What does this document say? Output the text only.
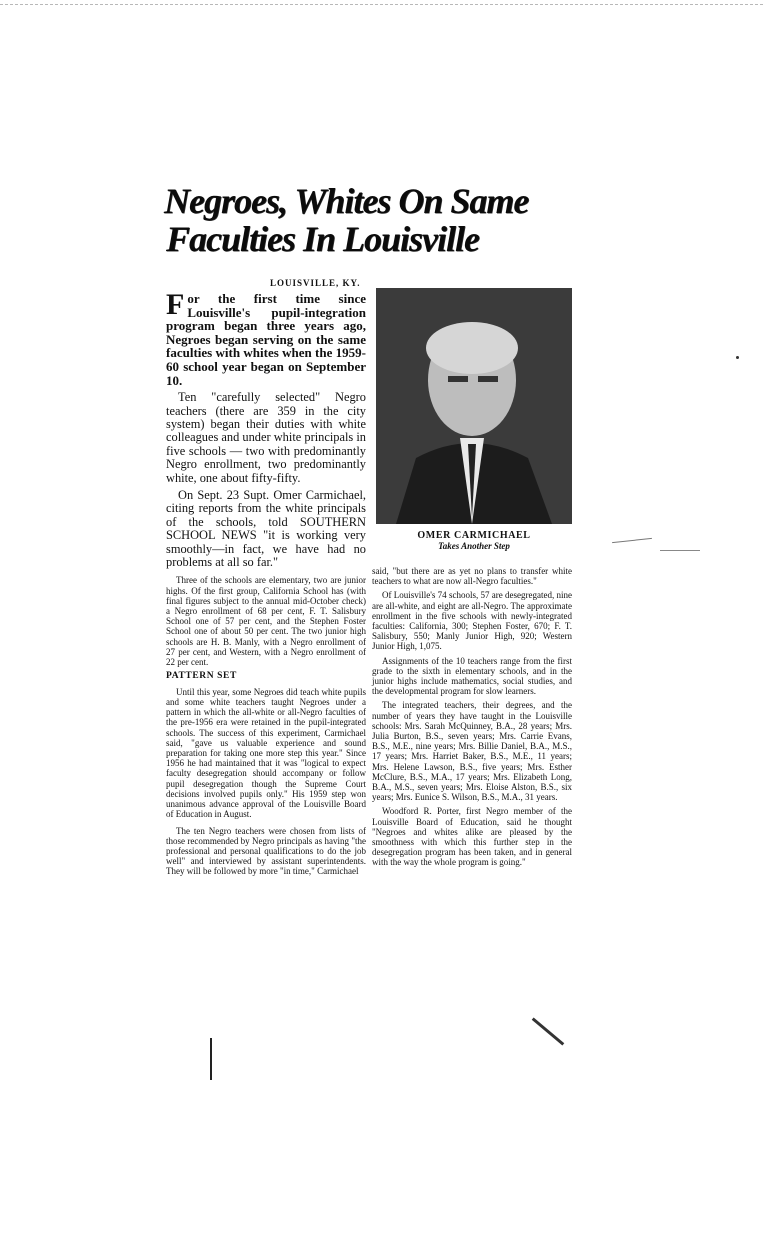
Negroes, Whites On Same
Faculties In Louisville
LOUISVILLE, KY.

For the first time since Louisville's pupil-integration program began three years ago, Negroes began serving on the same faculties with whites when the 1959-60 school year began on September 10.

Ten "carefully selected" Negro teachers (there are 359 in the city system) began their duties with white colleagues and under white principals in five schools — two with predominantly Negro enrollment, two predominantly white, one about fifty-fifty.

On Sept. 23 Supt. Omer Carmichael, citing reports from the white principals of the schools, told SOUTHERN SCHOOL NEWS "it is working very smoothly—in fact, we have had no problems at all so far."

Three of the schools are elementary, two are junior highs. Of the first group, California School has (with final figures subject to the annual mid-October check) a Negro enrollment of 68 per cent, F. T. Salisbury School one of 57 per cent, and the Stephen Foster School one of about 50 per cent. The two junior high schools are H. B. Manly, with a Negro enrollment of 27 per cent, and Western, with a Negro enrollment of 22 per cent.

PATTERN SET

Until this year, some Negroes did teach white pupils and some white teachers taught Negroes under a pattern in which the all-white or all-Negro faculties of the pre-1956 era were retained in the pupil-integrated schools. The success of this experiment, Carmichael said, "gave us valuable experience and sound preparation for taking one more step this year." Since 1956 he had maintained that it was "logical to expect faculty desegregation should accompany or follow pupil desegregation though the Supreme Court decisions involved pupils only." His 1959 step won unanimous advance approval of the Louisville Board of Education in August.

The ten Negro teachers were chosen from lists of those recommended by Negro principals as having "the professional and personal qualifications to do the job well" and interviewed by assistant superintendents. They will be followed by more "in time," Carmichael

OMER CARMICHAEL
Takes Another Step

said, "but there are as yet no plans to transfer white teachers to what are now all-Negro faculties."

Of Louisville's 74 schools, 57 are desegregated, nine are all-white, and eight are all-Negro. The approximate enrollment in the five schools with newly-integrated faculties: California, 300; Stephen Foster, 670; F. T. Salisbury, 550; Manly Junior High, 920; Western Junior High, 1,075.

Assignments of the 10 teachers range from the first grade to the sixth in elementary schools, and in the junior highs include mathematics, social studies, and the developmental program for slow learners.

The integrated teachers, their degrees, and the number of years they have taught in the Louisville schools: Mrs. Sarah McQuinney, B.A., 28 years; Mrs. Julia Burton, B.S., seven years; Mrs. Carrie Evans, B.S., M.E., nine years; Mrs. Billie Daniel, B.A., M.S., 17 years; Mrs. Harriet Baker, B.S., M.E., 11 years; Mrs. Helene Lawson, B.S., five years; Mrs. Esther McClure, B.S., M.A., 17 years; Mrs. Elizabeth Long, B.A., M.S., seven years; Mrs. Eloise Alston, B.S., six years; Mrs. Eunice S. Wilson, B.S., M.A., 31 years.

Woodford R. Porter, first Negro member of the Louisville Board of Education, said he thought "Negroes and whites alike are pleased by the smoothness with which this further step in the desegregation program has been taken, and in general with the way the whole program is going."
